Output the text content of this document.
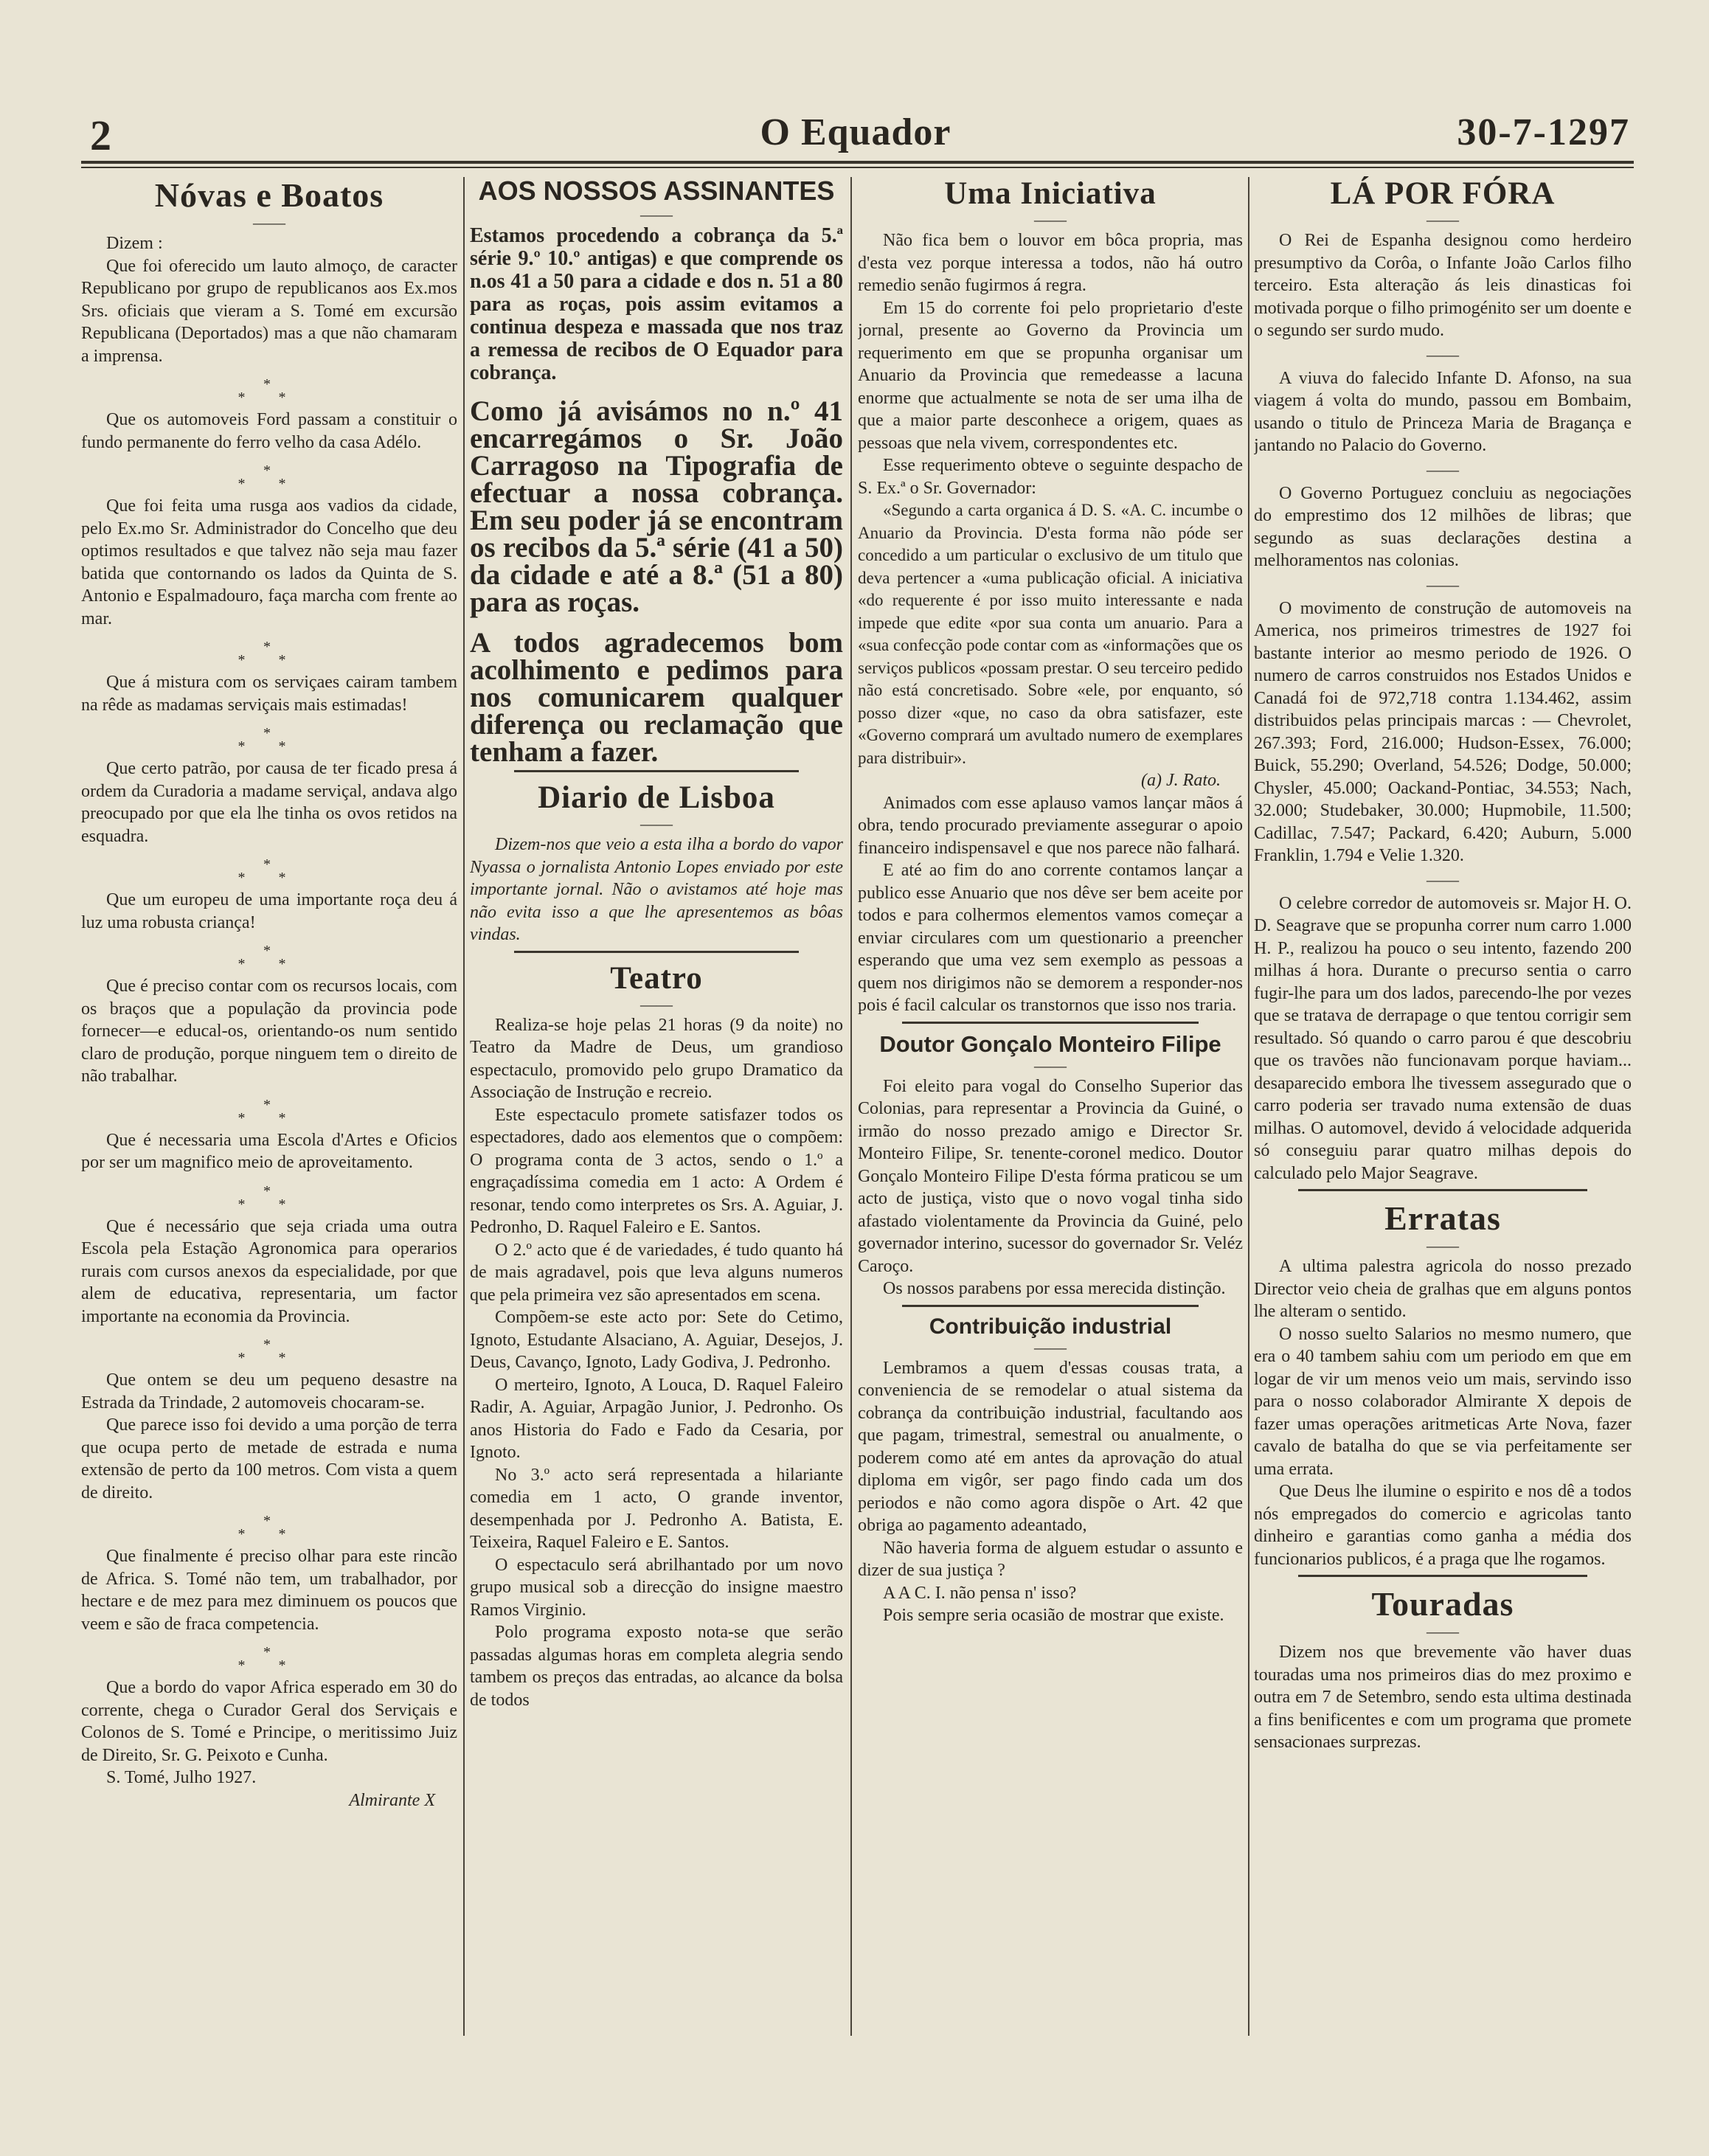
2	O Equador	30-7-1297
Nóvas e Boatos
——

Dizem :

Que foi oferecido um lauto almoço, de caracter Republicano por grupo de republicanos aos Ex.mos Srs. oficiais que vieram a S. Tomé em excursão Republicana (Deportados) mas a que não chamaram a imprensa.

* * *

Que os automoveis Ford passam a constituir o fundo permanente do ferro velho da casa Adélo.

* * *

Que foi feita uma rusga aos vadios da cidade, pelo Ex.mo Sr. Administrador do Concelho que deu optimos resultados e que talvez não seja mau fazer batida que contornando os lados da Quinta de S. Antonio e Espalmadouro, faça marcha com frente ao mar.

* * *

Que á mistura com os serviçaes cairam tambem na rêde as madamas serviçais mais estimadas!

* * *

Que certo patrão, por causa de ter ficado presa á ordem da Curadoria a madame serviçal, andava algo preocupado por que ela lhe tinha os ovos retidos na esquadra.

* * *

Que um europeu de uma importante roça deu á luz uma robusta criança!

* * *

Que é preciso contar com os recursos locais, com os braços que a população da provincia pode fornecer—e educal-os, orientando-os num sentido claro de produção, porque ninguem tem o direito de não trabalhar.

* * *

Que é necessaria uma Escola d'Artes e Oficios por ser um magnifico meio de aproveitamento.

* * *

Que é necessário que seja criada uma outra Escola pela Estação Agronomica para operarios rurais com cursos anexos da especialidade, por que alem de educativa, representaria, um factor importante na economia da Provincia.

* * *

Que ontem se deu um pequeno desastre na Estrada da Trindade, 2 automoveis chocaram-se.

Que parece isso foi devido a uma porção de terra que ocupa perto de metade de estrada e numa extensão de perto da 100 metros. Com vista a quem de direito.

* * *

Que finalmente é preciso olhar para este rincão de Africa. S. Tomé não tem, um trabalhador, por hectare e de mez para mez diminuem os poucos que veem e são de fraca competencia.

* * *

Que a bordo do vapor Africa esperado em 30 do corrente, chega o Curador Geral dos Serviçais e Colonos de S. Tomé e Principe, o meritissimo Juiz de Direito, Sr. G. Peixoto e Cunha.

S. Tomé, Julho 1927.

Almirante X

AOS NOSSOS ASSINANTES
——

Estamos procedendo a cobrança da 5.ª série 9.º 10.º antigas) e que comprende os n.os 41 a 50 para a cidade e dos n. 51 a 80 para as roças, pois assim evitamos a continua despeza e massada que nos traz a remessa de recibos de O Equador para cobrança.

Como já avisámos no n.º 41 encarregámos o Sr. João Carragoso na Tipografia de efectuar a nossa cobrança. Em seu poder já se encontram os recibos da 5.ª série (41 a 50) da cidade e até a 8.ª (51 a 80) para as roças.

A todos agradecemos bom acolhimento e pedimos para nos comunicarem qualquer diferença ou reclamação que tenham a fazer.

Diario de Lisboa
——

Dizem-nos que veio a esta ilha a bordo do vapor Nyassa o jornalista Antonio Lopes enviado por este importante jornal. Não o avistamos até hoje mas não evita isso a que lhe apresentemos as bôas vindas.

Teatro
——

Realiza-se hoje pelas 21 horas (9 da noite) no Teatro da Madre de Deus, um grandioso espectaculo, promovido pelo grupo Dramatico da Associação de Instrução e recreio.

Este espectaculo promete satisfazer todos os espectadores, dado aos elementos que o compõem: O programa conta de 3 actos, sendo o 1.º a engraçadíssima comedia em 1 acto: A Ordem é resonar, tendo como interpretes os Srs. A. Aguiar, J. Pedronho, D. Raquel Faleiro e E. Santos.

O 2.º acto que é de variedades, é tudo quanto há de mais agradavel, pois que leva alguns numeros que pela primeira vez são apresentados em scena.

Compõem-se este acto por: Sete do Cetimo, Ignoto, Estudante Alsaciano, A. Aguiar, Desejos, J. Deus, Cavanço, Ignoto, Lady Godiva, J. Pedronho.

O merteiro, Ignoto, A Louca, D. Raquel Faleiro Radir, A. Aguiar, Arpagão Junior, J. Pedronho. Os anos Historia do Fado e Fado da Cesaria, por Ignoto.

No 3.º acto será representada a hilariante comedia em 1 acto, O grande inventor, desempenhada por J. Pedronho A. Batista, E. Teixeira, Raquel Faleiro e E. Santos.

O espectaculo será abrilhantado por um novo grupo musical sob a direcção do insigne maestro Ramos Virginio.

Polo programa exposto nota-se que serão passadas algumas horas em completa alegria sendo tambem os preços das entradas, ao alcance da bolsa de todos

Uma Iniciativa
——

Não fica bem o louvor em bôca propria, mas d'esta vez porque interessa a todos, não há outro remedio senão fugirmos á regra.

Em 15 do corrente foi pelo proprietario d'este jornal, presente ao Governo da Provincia um requerimento em que se propunha organisar um Anuario da Provincia que remedeasse a lacuna enorme que actualmente se nota de ser uma ilha de que a maior parte desconhece a origem, quaes as pessoas que nela vivem, correspondentes etc.

Esse requerimento obteve o seguinte despacho de S. Ex.ª o Sr. Governador:

«Segundo a carta organica á D. S. «A. C. incumbe o Anuario da Provincia. D'esta forma não póde ser concedido a um particular o exclusivo de um titulo que deva pertencer a «uma publicação oficial. A iniciativa «do requerente é por isso muito interessante e nada impede que edite «por sua conta um anuario. Para a «sua confecção pode contar com as «informações que os serviços publicos «possam prestar. O seu terceiro pedido não está concretisado. Sobre «ele, por enquanto, só posso dizer «que, no caso da obra satisfazer, este «Governo comprará um avultado numero de exemplares para distribuir».

(a) J. Rato.

Animados com esse aplauso vamos lançar mãos á obra, tendo procurado previamente assegurar o apoio financeiro indispensavel e que nos parece não falhará.

E até ao fim do ano corrente contamos lançar a publico esse Anuario que nos dêve ser bem aceite por todos e para colhermos elementos vamos começar a enviar circulares com um questionario a preencher esperando que uma vez sem exemplo as pessoas a quem nos dirigimos não se demorem a responder-nos pois é facil calcular os transtornos que isso nos traria.

Doutor Gonçalo Monteiro Filipe
——

Foi eleito para vogal do Conselho Superior das Colonias, para representar a Provincia da Guiné, o irmão do nosso prezado amigo e Director Sr. Monteiro Filipe, Sr. tenente-coronel medico. Doutor Gonçalo Monteiro Filipe D'esta fórma praticou se um acto de justiça, visto que o novo vogal tinha sido afastado violentamente da Provincia da Guiné, pelo governador interino, sucessor do governador Sr. Veléz Caroço.

Os nossos parabens por essa merecida distinção.

Contribuição industrial
——

Lembramos a quem d'essas cousas trata, a conveniencia de se remodelar o atual sistema da cobrança da contribuição industrial, facultando aos que pagam, trimestral, semestral ou anualmente, o poderem como até em antes da aprovação do atual diploma em vigôr, ser pago findo cada um dos periodos e não como agora dispõe o Art. 42 que obriga ao pagamento adeantado,

Não haveria forma de alguem estudar o assunto e dizer de sua justiça ?

A A C. I. não pensa n' isso?

Pois sempre seria ocasião de mostrar que existe.

LÁ POR FÓRA
——

O Rei de Espanha designou como herdeiro presumptivo da Corôa, o Infante João Carlos filho terceiro. Esta alteração ás leis dinasticas foi motivada porque o filho primogénito ser um doente e o segundo ser surdo mudo.

——

A viuva do falecido Infante D. Afonso, na sua viagem á volta do mundo, passou em Bombaim, usando o titulo de Princeza Maria de Bragança e jantando no Palacio do Governo.

——

O Governo Portuguez concluiu as negociações do emprestimo dos 12 milhões de libras; que segundo as suas declarações destina a melhoramentos nas colonias.

——

O movimento de construção de automoveis na America, nos primeiros trimestres de 1927 foi bastante interior ao mesmo periodo de 1926. O numero de carros construidos nos Estados Unidos e Canadá foi de 972,718 contra 1.134.462, assim distribuidos pelas principais marcas : — Chevrolet, 267.393; Ford, 216.000; Hudson-Essex, 76.000; Buick, 55.290; Overland, 54.526; Dodge, 50.000; Chysler, 45.000; Oackand-Pontiac, 34.553; Nach, 32.000; Studebaker, 30.000; Hupmobile, 11.500; Cadillac, 7.547; Packard, 6.420; Auburn, 5.000 Franklin, 1.794 e Velie 1.320.

——

O celebre corredor de automoveis sr. Major H. O. D. Seagrave que se propunha correr num carro 1.000 H. P., realizou ha pouco o seu intento, fazendo 200 milhas á hora. Durante o precurso sentia o carro fugir-lhe para um dos lados, parecendo-lhe por vezes que se tratava de derrapage o que tentou corrigir sem resultado. Só quando o carro parou é que descobriu que os travões não funcionavam porque haviam... desaparecido embora lhe tivessem assegurado que o carro poderia ser travado numa extensão de duas milhas. O automovel, devido á velocidade adquerida só conseguiu parar quatro milhas depois do calculado pelo Major Seagrave.

Erratas
——

A ultima palestra agricola do nosso prezado Director veio cheia de gralhas que em alguns pontos lhe alteram o sentido.

O nosso suelto Salarios no mesmo numero, que era o 40 tambem sahiu com um periodo em que em logar de vir um menos veio um mais, servindo isso para o nosso colaborador Almirante X depois de fazer umas operações aritmeticas Arte Nova, fazer cavalo de batalha do que se via perfeitamente ser uma errata.

Que Deus lhe ilumine o espirito e nos dê a todos nós empregados do comercio e agricolas tanto dinheiro e garantias como ganha a média dos funcionarios publicos, é a praga que lhe rogamos.

Touradas
——

Dizem nos que brevemente vão haver duas touradas uma nos primeiros dias do mez proximo e outra em 7 de Setembro, sendo esta ultima destinada a fins benificentes e com um programa que promete sensacionaes surprezas.
